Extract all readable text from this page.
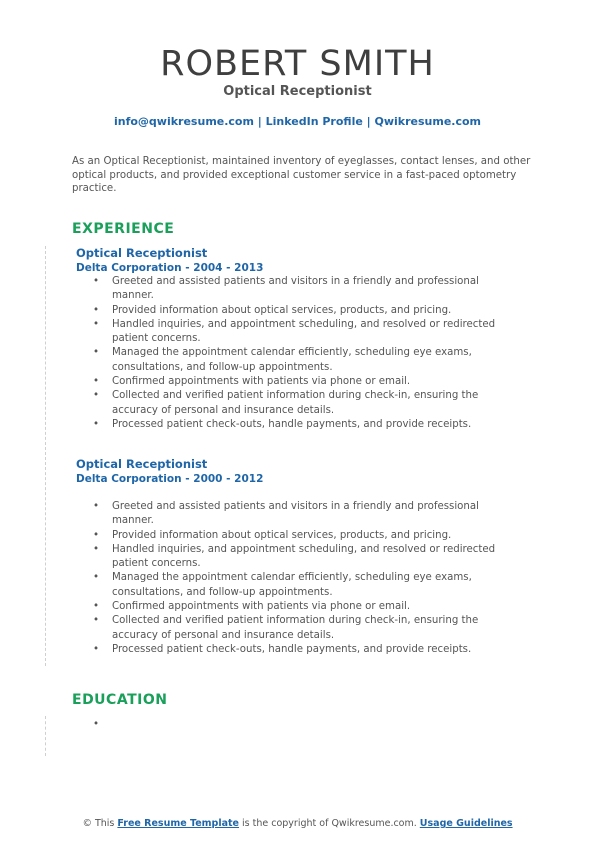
ROBERT SMITH
Optical Receptionist
info@qwikresume.com | LinkedIn Profile | Qwikresume.com
As an Optical Receptionist, maintained inventory of eyeglasses, contact lenses, and other optical products, and provided exceptional customer service in a fast-paced optometry practice.
EXPERIENCE
Optical Receptionist
Delta Corporation - 2004 - 2013
• Greeted and assisted patients and visitors in a friendly and professional manner.
• Provided information about optical services, products, and pricing.
• Handled inquiries, and appointment scheduling, and resolved or redirected patient concerns.
• Managed the appointment calendar efficiently, scheduling eye exams, consultations, and follow-up appointments.
• Confirmed appointments with patients via phone or email.
• Collected and verified patient information during check-in, ensuring the accuracy of personal and insurance details.
• Processed patient check-outs, handle payments, and provide receipts.
Optical Receptionist
Delta Corporation - 2000 - 2012
• Greeted and assisted patients and visitors in a friendly and professional manner.
• Provided information about optical services, products, and pricing.
• Handled inquiries, and appointment scheduling, and resolved or redirected patient concerns.
• Managed the appointment calendar efficiently, scheduling eye exams, consultations, and follow-up appointments.
• Confirmed appointments with patients via phone or email.
• Collected and verified patient information during check-in, ensuring the accuracy of personal and insurance details.
• Processed patient check-outs, handle payments, and provide receipts.
EDUCATION
© This Free Resume Template is the copyright of Qwikresume.com. Usage Guidelines
